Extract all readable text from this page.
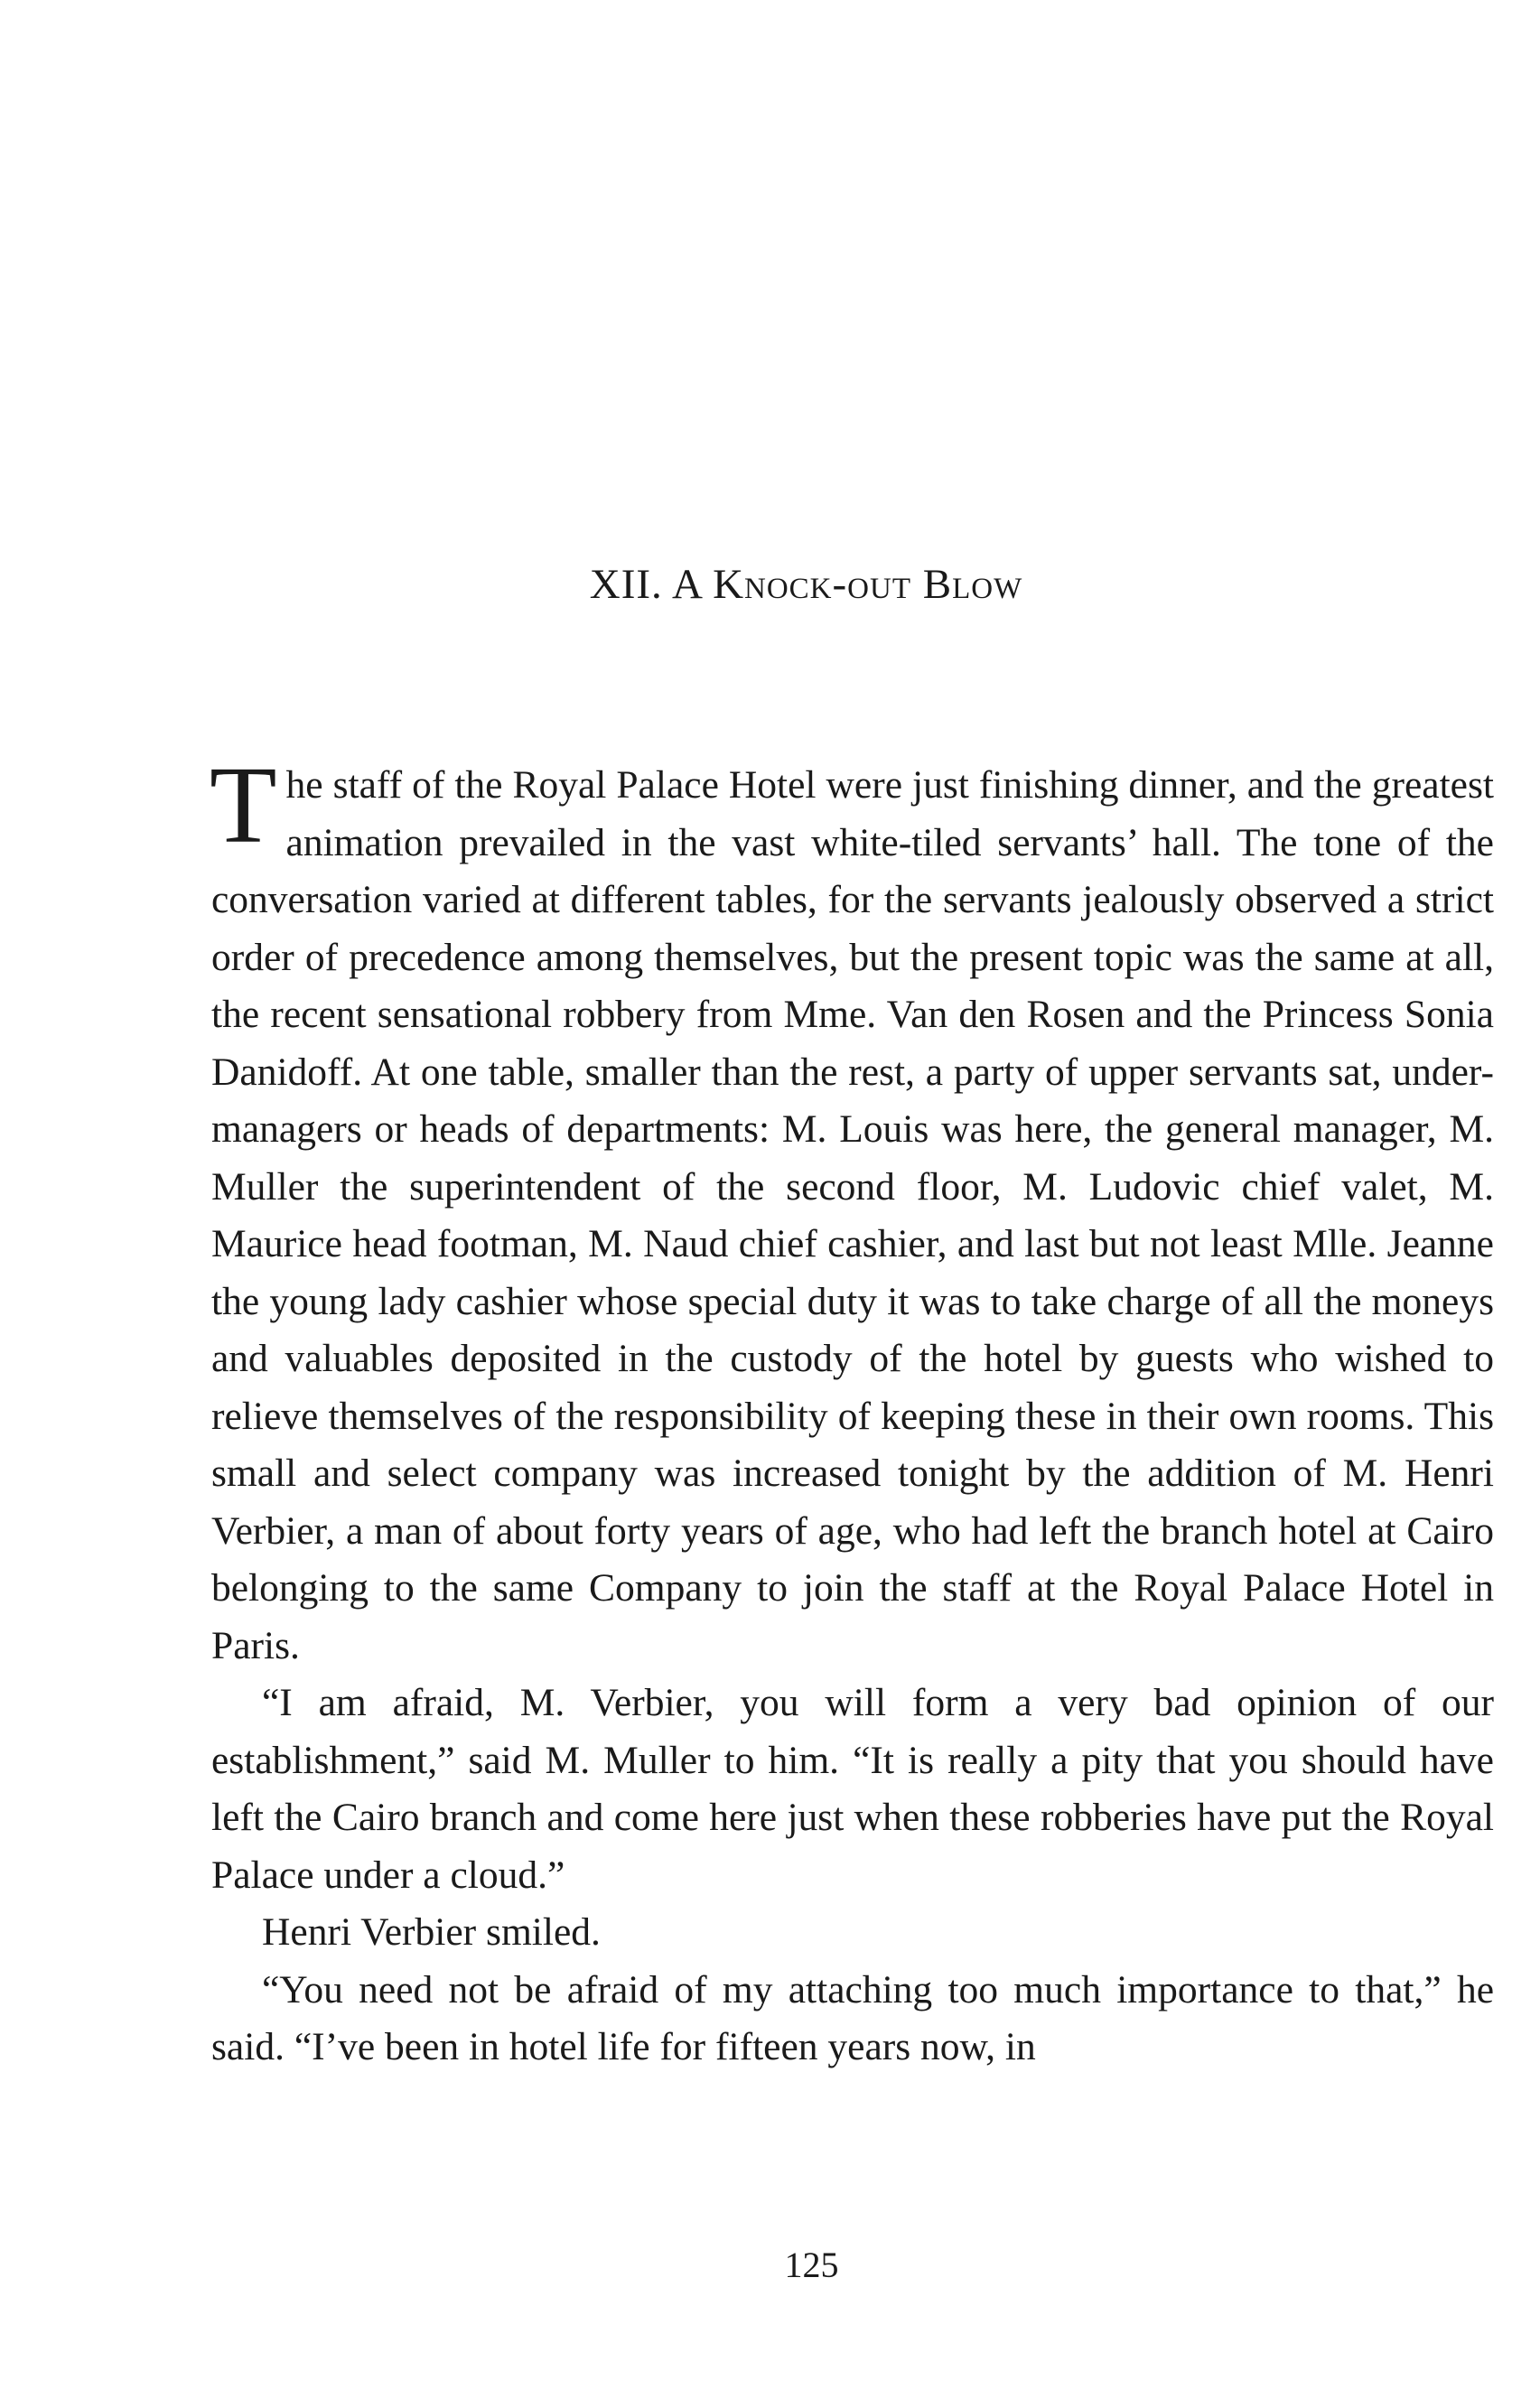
XII. A Knock-out Blow

The staff of the Royal Palace Hotel were just finishing dinner, and the greatest animation prevailed in the vast white-tiled servants’ hall. The tone of the conversation varied at different tables, for the servants jealously observed a strict order of precedence among themselves, but the present topic was the same at all, the recent sensational robbery from Mme. Van den Rosen and the Princess Sonia Danidoff. At one table, smaller than the rest, a party of upper servants sat, under-managers or heads of departments: M. Louis was here, the general manager, M. Muller the superintendent of the second floor, M. Ludovic chief valet, M. Maurice head footman, M. Naud chief cashier, and last but not least Mlle. Jeanne the young lady cashier whose special duty it was to take charge of all the moneys and valuables deposited in the custody of the hotel by guests who wished to relieve themselves of the responsibility of keeping these in their own rooms. This small and select company was increased tonight by the addition of M. Henri Verbier, a man of about forty years of age, who had left the branch hotel at Cairo belonging to the same Company to join the staff at the Royal Palace Hotel in Paris.

“I am afraid, M. Verbier, you will form a very bad opinion of our establishment,” said M. Muller to him. “It is really a pity that you should have left the Cairo branch and come here just when these robberies have put the Royal Palace under a cloud.”

Henri Verbier smiled.

“You need not be afraid of my attaching too much importance to that,” he said. “I’ve been in hotel life for fifteen years now, in

125
